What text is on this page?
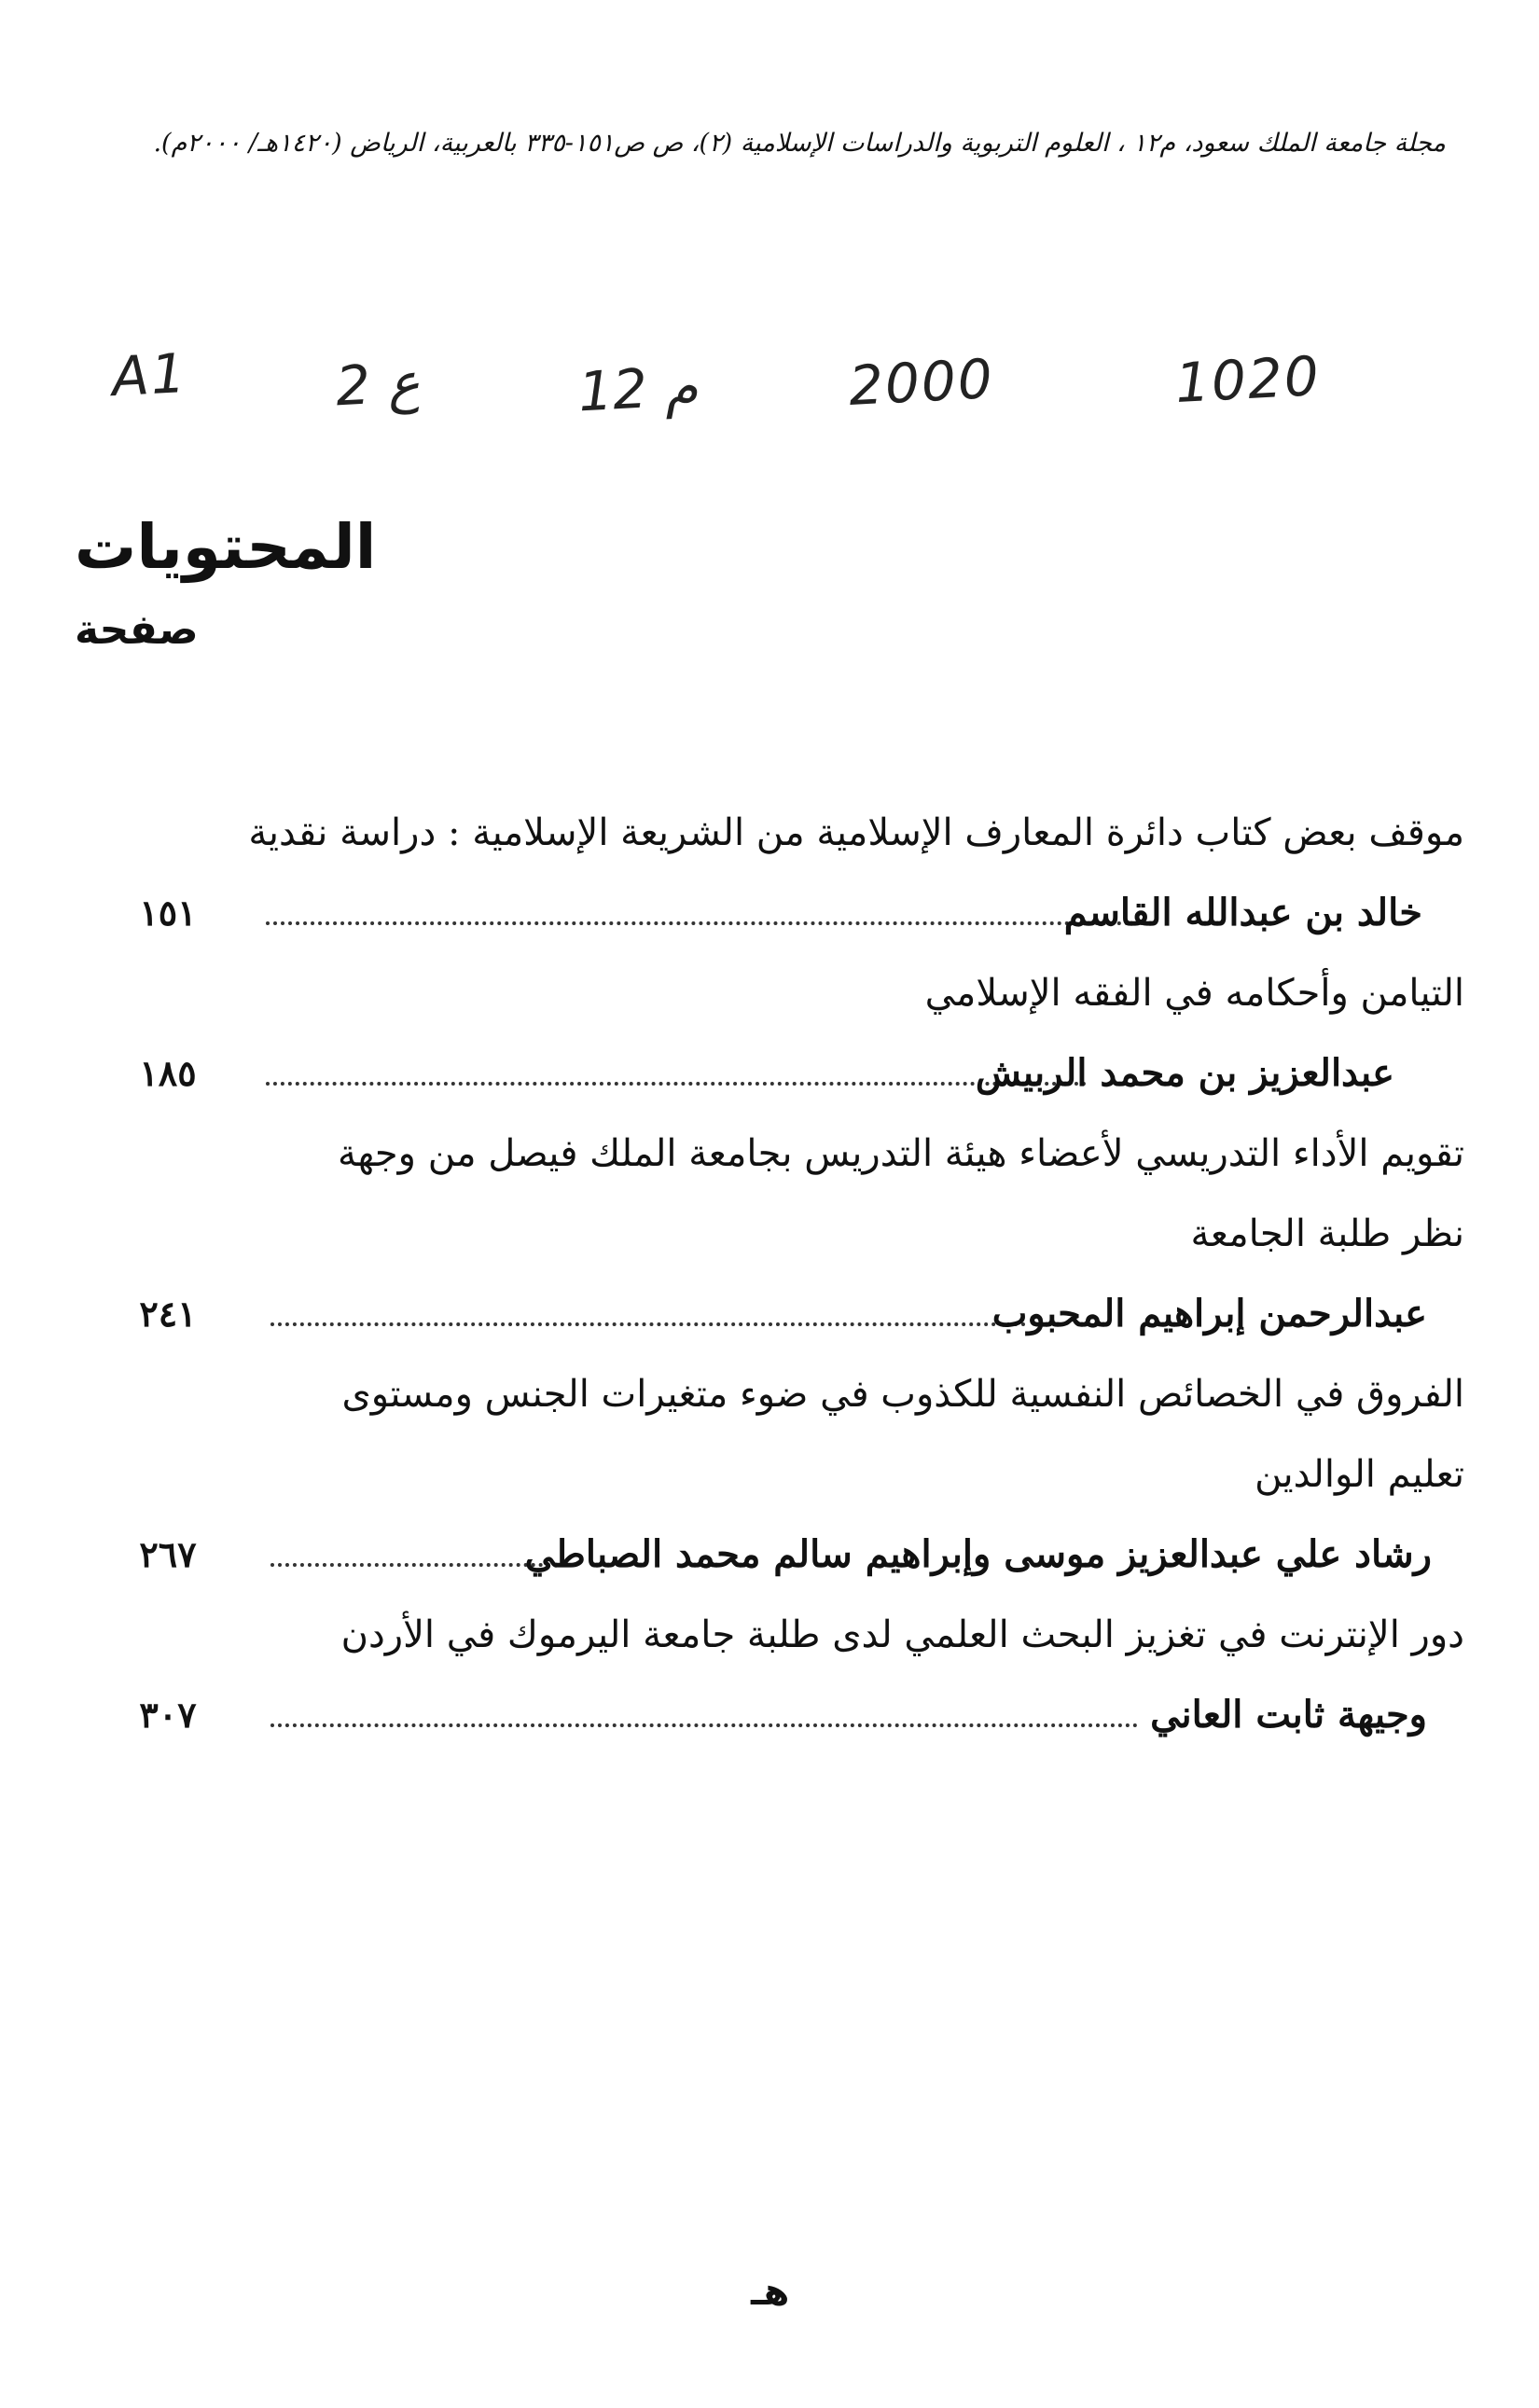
مجلة جامعة الملك سعود، م١٢ ، العلوم التربوية والدراسات الإسلامية (٢)، ص ص١٥١-٣٣٥ بالعربية، الرياض (١٤٢٠هـ/ ٢٠٠٠م).
A1	2 ع	12 م	2000	1020
المحتويات
صفحة
موقف بعض كتاب دائرة المعارف الإسلامية من الشريعة الإسلامية : دراسة نقدية
١٥١	خالد بن عبدالله القاسم
التيامن وأحكامه في الفقه الإسلامي
١٨٥	عبدالعزيز بن محمد الربيش
تقويم الأداء التدريسي لأعضاء هيئة التدريس بجامعة الملك فيصل من وجهة
نظر طلبة الجامعة
٢٤١	عبدالرحمن إبراهيم المحبوب
الفروق في الخصائص النفسية للكذوب في ضوء متغيرات الجنس ومستوى
تعليم الوالدين
٢٦٧	رشاد علي عبدالعزيز موسى وإبراهيم سالم محمد الصباطي
دور الإنترنت في تغزيز البحث العلمي لدى طلبة جامعة اليرموك في الأردن
٣٠٧	وجيهة ثابت العاني
هـ
